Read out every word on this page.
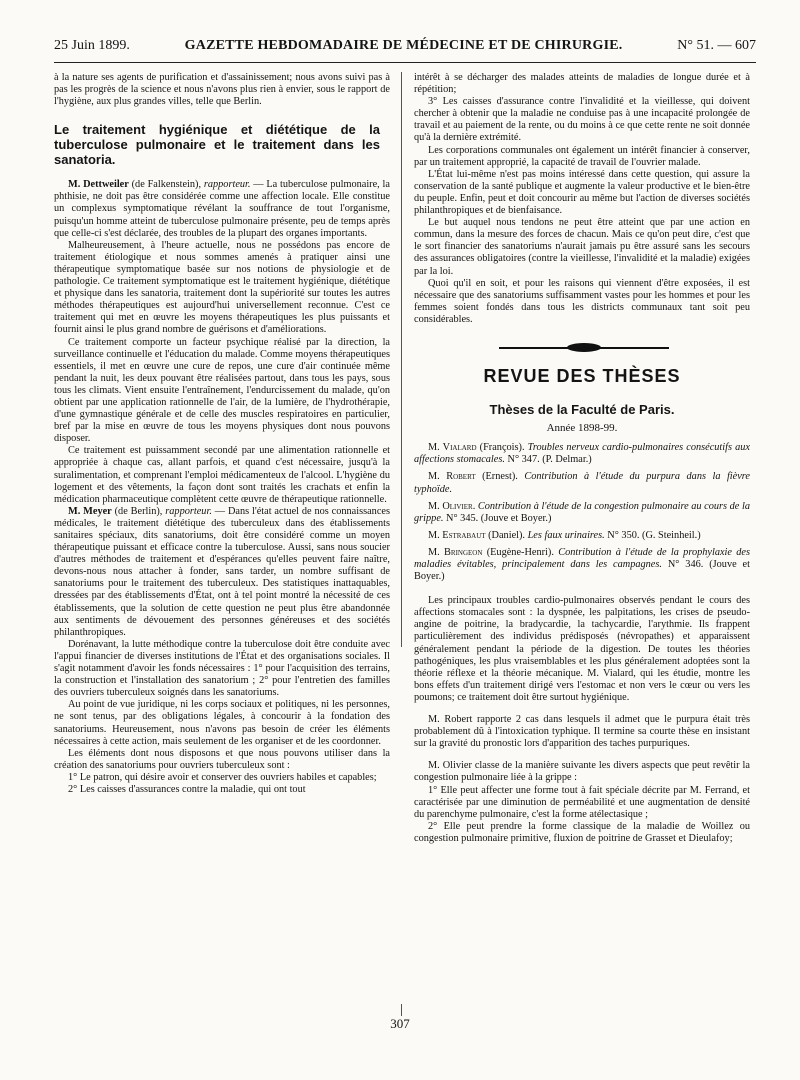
25 Juin 1899.	GAZETTE HEBDOMADAIRE DE MÉDECINE ET DE CHIRURGIE.	N° 51. — 607

à la nature ses agents de purification et d'assainissement; nous avons suivi pas à pas les progrès de la science et nous n'avons plus rien à envier, sous le rapport de l'hygiène, aux plus grandes villes, telle que Berlin.

Le traitement hygiénique et diététique de la tuberculose pulmonaire et le traitement dans les sanatoria.

M. Dettweiler (de Falkenstein), rapporteur. — La tuberculose pulmonaire, la phthisie, ne doit pas être considérée comme une affection locale. Elle constitue un complexus symptomatique révélant la souffrance de tout l'organisme, puisqu'un homme atteint de tuberculose pulmonaire présente, peu de temps après que celle-ci s'est déclarée, des troubles de la plupart des organes importants.

Malheureusement, à l'heure actuelle, nous ne possédons pas encore de traitement étiologique et nous sommes amenés à pratiquer ainsi une thérapeutique symptomatique basée sur nos notions de physiologie et de pathologie. Ce traitement symptomatique est le traitement hygiénique, diététique et physique dans les sanatoria, traitement dont la supériorité sur toutes les autres méthodes thérapeutiques est aujourd'hui universellement reconnue. C'est ce traitement qui met en œuvre les moyens thérapeutiques les plus puissants et fournit ainsi le plus grand nombre de guérisons et d'améliorations.

Ce traitement comporte un facteur psychique réalisé par la direction, la surveillance continuelle et l'éducation du malade. Comme moyens thérapeutiques essentiels, il met en œuvre une cure de repos, une cure d'air continuée même pendant la nuit, les deux pouvant être réalisées partout, dans tous les pays, sous tous les climats. Vient ensuite l'entraînement, l'endurcissement du malade, qu'on obtient par une application rationnelle de l'air, de la lumière, de l'hydrothérapie, d'une gymnastique générale et de celle des muscles respiratoires en particulier, bref par la mise en œuvre de tous les moyens physiques dont nous pouvons disposer.

Ce traitement est puissamment secondé par une alimentation rationnelle et appropriée à chaque cas, allant parfois, et quand c'est nécessaire, jusqu'à la suralimentation, et comprenant l'emploi médicamenteux de l'alcool. L'hygiène du logement et des vêtements, la façon dont sont traités les crachats et enfin la médication pharmaceutique complètent cette œuvre de thérapeutique rationnelle.

M. Meyer (de Berlin), rapporteur. — Dans l'état actuel de nos connaissances médicales, le traitement diététique des tuberculeux dans des établissements sanitaires spéciaux, dits sanatoriums, doit être considéré comme un moyen thérapeutique puissant et efficace contre la tuberculose. Aussi, sans nous soucier d'autres méthodes de traitement et d'espérances qu'elles peuvent faire naître, devons-nous nous attacher à fonder, sans tarder, un nombre suffisant de sanatoriums pour le traitement des tuberculeux. Des statistiques inattaquables, dressées par des établissements d'État, ont à tel point montré la nécessité de ces établissements, que la solution de cette question ne peut plus être abandonnée aux sentiments de dévouement des personnes généreuses et des sociétés philanthropiques.

Dorénavant, la lutte méthodique contre la tuberculose doit être conduite avec l'appui financier de diverses institutions de l'État et des organisations sociales. Il s'agit notamment d'avoir les fonds nécessaires : 1° pour l'acquisition des terrains, la construction et l'installation des sanatorium ; 2° pour l'entretien des familles des ouvriers tuberculeux soignés dans les sanatoriums.

Au point de vue juridique, ni les corps sociaux et politiques, ni les personnes, ne sont tenus, par des obligations légales, à concourir à la fondation des sanatoriums. Heureusement, nous n'avons pas besoin de créer les éléments nécessaires à cette action, mais seulement de les organiser et de les coordonner.

Les éléments dont nous disposons et que nous pouvons utiliser dans la création des sanatoriums pour ouvriers tuberculeux sont :

1° Le patron, qui désire avoir et conserver des ouvriers habiles et capables;

2° Les caisses d'assurances contre la maladie, qui ont tout

intérêt à se décharger des malades atteints de maladies de longue durée et à répétition;

3° Les caisses d'assurance contre l'invalidité et la vieillesse, qui doivent chercher à obtenir que la maladie ne conduise pas à une incapacité prolongée de travail et au paiement de la rente, ou du moins à ce que cette rente ne soit donnée qu'à la dernière extrémité.

Les corporations communales ont également un intérêt financier à conserver, par un traitement approprié, la capacité de travail de l'ouvrier malade.

L'État lui-même n'est pas moins intéressé dans cette question, qui assure la conservation de la santé publique et augmente la valeur productive et le bien-être du peuple. Enfin, peut et doit concourir au même but l'action de diverses sociétés philanthropiques et de bienfaisance.

Le but auquel nous tendons ne peut être atteint que par une action en commun, dans la mesure des forces de chacun. Mais ce qu'on peut dire, c'est que le sort financier des sanatoriums n'aurait jamais pu être assuré sans les secours des assurances obligatoires (contre la vieillesse, l'invalidité et la maladie) exigées par la loi.

Quoi qu'il en soit, et pour les raisons qui viennent d'être exposées, il est nécessaire que des sanatoriums suffisamment vastes pour les hommes et pour les femmes soient fondés dans tous les districts communaux tant soit peu considérables.

REVUE DES THÈSES
Thèses de la Faculté de Paris.
Année 1898-99.

M. Vialard (François). Troubles nerveux cardio-pulmonaires consécutifs aux affections stomacales. N° 347. (P. Delmar.)

M. Robert (Ernest). Contribution à l'étude du purpura dans la fièvre typhoïde.

M. Olivier. Contribution à l'étude de la congestion pulmonaire au cours de la grippe. N° 345. (Jouve et Boyer.)

M. Estrabaut (Daniel). Les faux urinaires. N° 350. (G. Steinheil.)

M. Bringeon (Eugène-Henri). Contribution à l'étude de la prophylaxie des maladies évitables, principalement dans les campagnes. N° 346. (Jouve et Boyer.)

Les principaux troubles cardio-pulmonaires observés pendant le cours des affections stomacales sont : la dyspnée, les palpitations, les crises de pseudo-angine de poitrine, la bradycardie, la tachycardie, l'arythmie. Ils frappent particulièrement des individus prédisposés (névropathes) et apparaissent généralement pendant la période de la digestion. De toutes les théories pathogéniques, les plus vraisemblables et les plus généralement adoptées sont la théorie réflexe et la théorie mécanique. M. Vialard, qui les étudie, montre les bons effets d'un traitement dirigé vers l'estomac et non vers le cœur ou vers les poumons; ce traitement doit être surtout hygiénique.

M. Robert rapporte 2 cas dans lesquels il admet que le purpura était très probablement dû à l'intoxication typhique. Il termine sa courte thèse en insistant sur la gravité du pronostic lors d'apparition des taches purpuriques.

M. Olivier classe de la manière suivante les divers aspects que peut revêtir la congestion pulmonaire liée à la grippe :

1° Elle peut affecter une forme tout à fait spéciale décrite par M. Ferrand, et caractérisée par une diminution de perméabilité et une augmentation de densité du parenchyme pulmonaire, c'est la forme atélectasique ;

2° Elle peut prendre la forme classique de la maladie de Woillez ou congestion pulmonaire primitive, fluxion de poitrine de Grasset et Dieulafoy;

307
